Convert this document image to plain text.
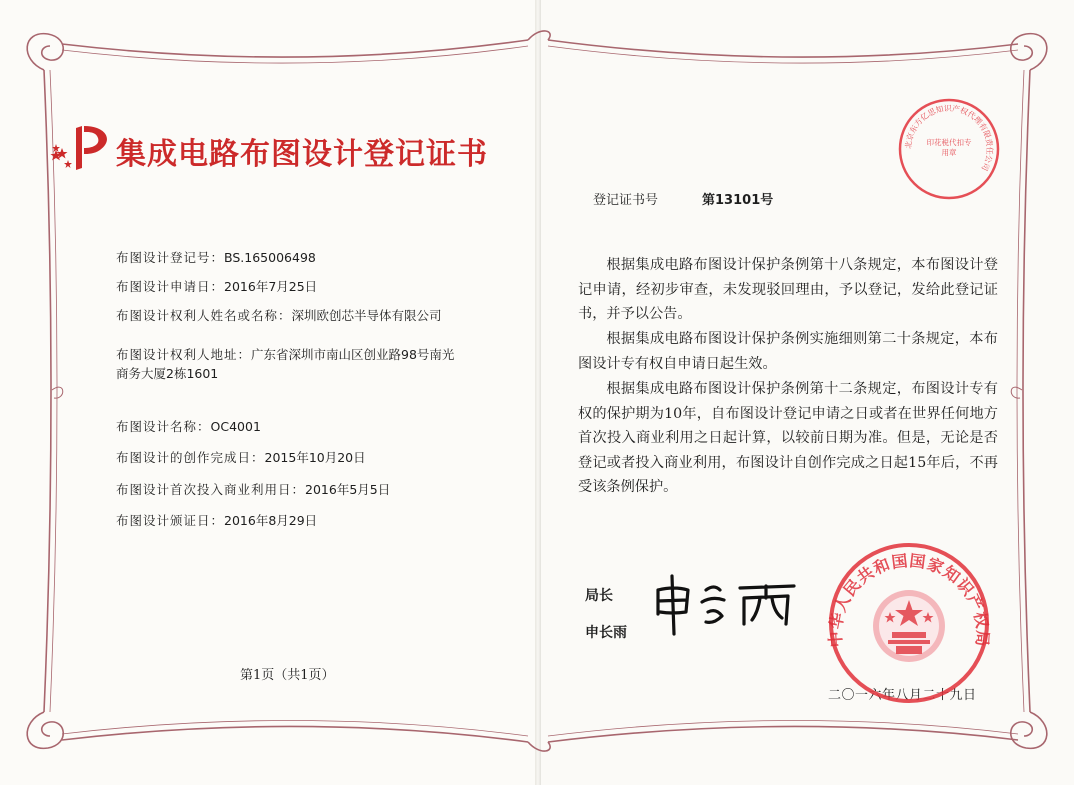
集成电路布图设计登记证书
布图设计登记号：BS.165006498
布图设计申请日：2016年7月25日
布图设计权利人姓名或名称：深圳欧创芯半导体有限公司
布图设计权利人地址：广东省深圳市南山区创业路98号南光商务大厦2栋1601
布图设计名称：OC4001
布图设计的创作完成日：2015年10月20日
布图设计首次投入商业利用日：2016年5月5日
布图设计颁证日：2016年8月29日
第1页（共1页）
登记证书号	第13101号
根据集成电路布图设计保护条例第十八条规定，本布图设计登记申请，经初步审查，未发现驳回理由，予以登记，发给此登记证书，并予以公告。
根据集成电路布图设计保护条例实施细则第二十条规定，本布图设计专有权自申请日起生效。
根据集成电路布图设计保护条例第十二条规定，布图设计专有权的保护期为10年，自布图设计登记申请之日或者在世界任何地方首次投入商业利用之日起计算，以较前日期为准。但是，无论是否登记或者投入商业利用，布图设计自创作完成之日起15年后，不再受该条例保护。
局长
申长雨
二〇一六年八月二十九日
北京东方亿思知识产权代理有限责任公司
印花税代扣专用章
中华人民共和国国家知识产权局
